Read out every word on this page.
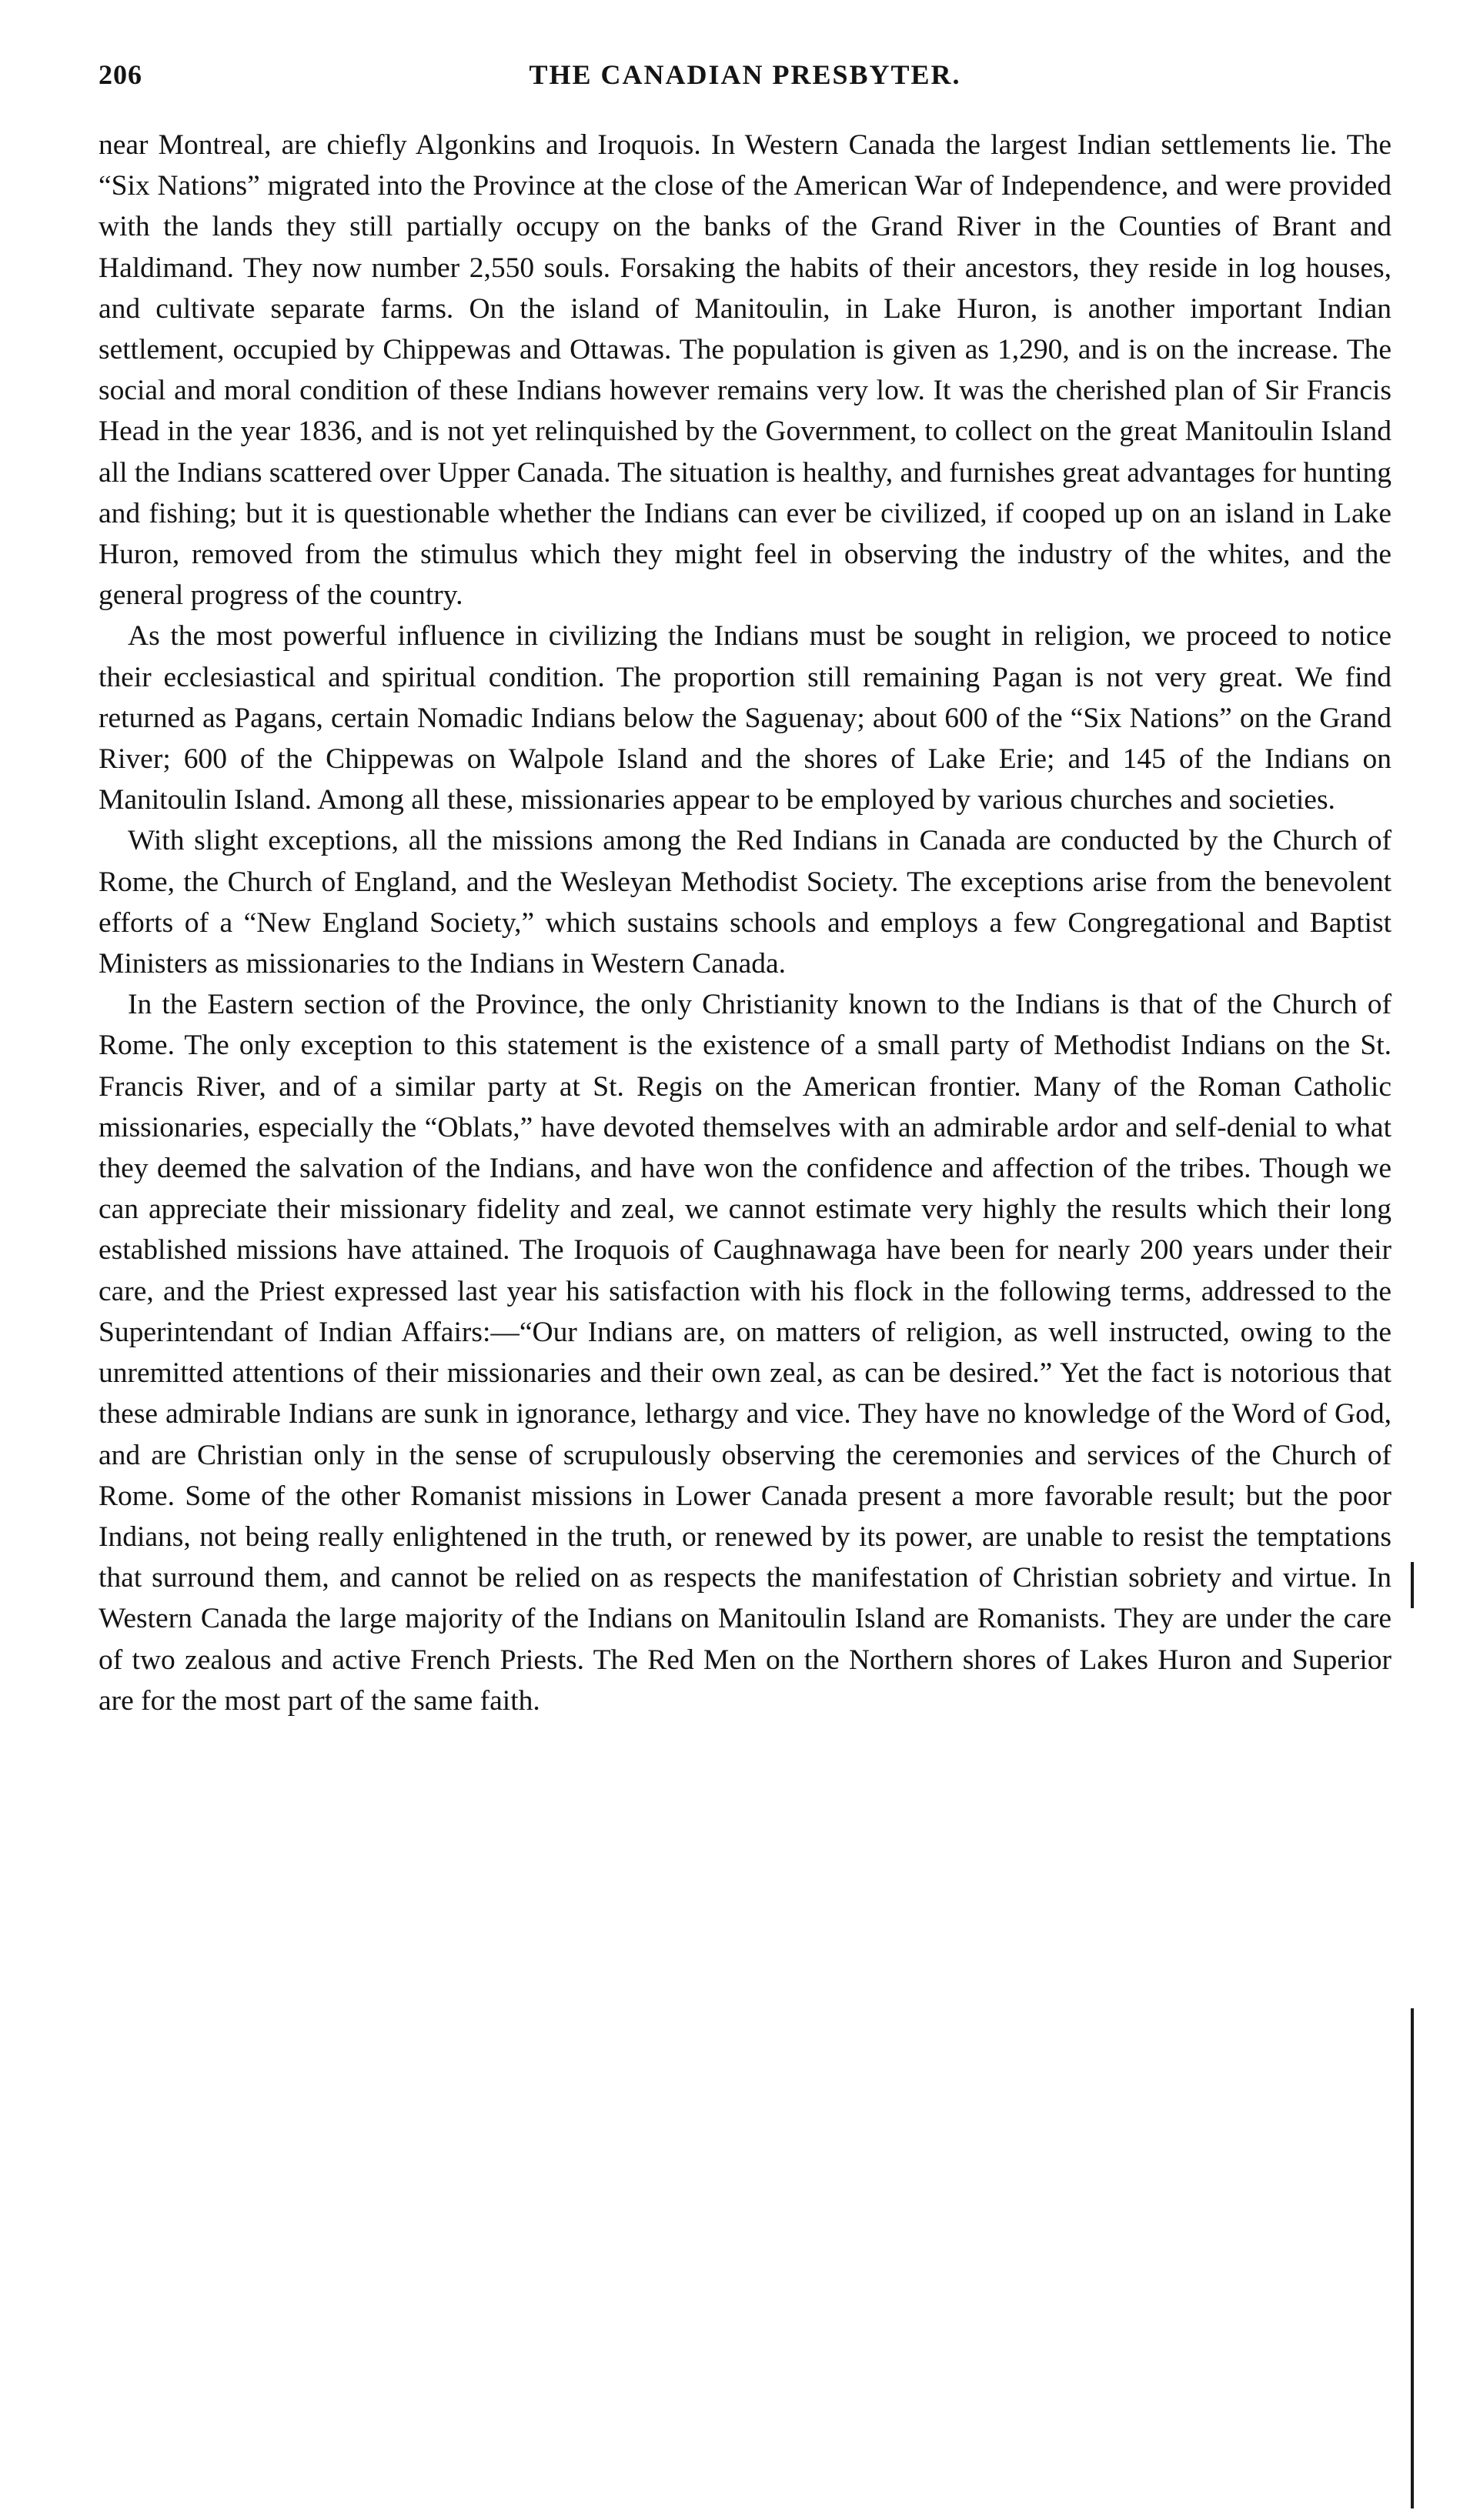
206	THE CANADIAN PRESBYTER.

near Montreal, are chiefly Algonkins and Iroquois. In Western Canada the largest Indian settlements lie. The “Six Nations” migrated into the Province at the close of the American War of Independence, and were provided with the lands they still partially occupy on the banks of the Grand River in the Counties of Brant and Haldimand. They now number 2,550 souls. Forsaking the habits of their ancestors, they reside in log houses, and cultivate separate farms. On the island of Manitoulin, in Lake Huron, is another important Indian settlement, occupied by Chippewas and Ottawas. The population is given as 1,290, and is on the increase. The social and moral condition of these Indians however remains very low. It was the cherished plan of Sir Francis Head in the year 1836, and is not yet relinquished by the Government, to collect on the great Manitoulin Island all the Indians scattered over Upper Canada. The situation is healthy, and furnishes great advantages for hunting and fishing; but it is questionable whether the Indians can ever be civilized, if cooped up on an island in Lake Huron, removed from the stimulus which they might feel in observing the industry of the whites, and the general progress of the country.

As the most powerful influence in civilizing the Indians must be sought in religion, we proceed to notice their ecclesiastical and spiritual condition. The proportion still remaining Pagan is not very great. We find returned as Pagans, certain Nomadic Indians below the Saguenay; about 600 of the “Six Nations” on the Grand River; 600 of the Chippewas on Walpole Island and the shores of Lake Erie; and 145 of the Indians on Manitoulin Island. Among all these, missionaries appear to be employed by various churches and societies.

With slight exceptions, all the missions among the Red Indians in Canada are conducted by the Church of Rome, the Church of England, and the Wesleyan Methodist Society. The exceptions arise from the benevolent efforts of a “New England Society,” which sustains schools and employs a few Congregational and Baptist Ministers as missionaries to the Indians in Western Canada.

In the Eastern section of the Province, the only Christianity known to the Indians is that of the Church of Rome. The only exception to this statement is the existence of a small party of Methodist Indians on the St. Francis River, and of a similar party at St. Regis on the American frontier. Many of the Roman Catholic missionaries, especially the “Oblats,” have devoted themselves with an admirable ardor and self-denial to what they deemed the salvation of the Indians, and have won the confidence and affection of the tribes. Though we can appreciate their missionary fidelity and zeal, we cannot estimate very highly the results which their long established missions have attained. The Iroquois of Caughnawaga have been for nearly 200 years under their care, and the Priest expressed last year his satisfaction with his flock in the following terms, addressed to the Superintendant of Indian Affairs:—“Our Indians are, on matters of religion, as well instructed, owing to the unremitted attentions of their missionaries and their own zeal, as can be desired.” Yet the fact is notorious that these admirable Indians are sunk in ignorance, lethargy and vice. They have no knowledge of the Word of God, and are Christian only in the sense of scrupulously observing the ceremonies and services of the Church of Rome. Some of the other Romanist missions in Lower Canada present a more favorable result; but the poor Indians, not being really enlightened in the truth, or renewed by its power, are unable to resist the temptations that surround them, and cannot be relied on as respects the manifestation of Christian sobriety and virtue. In Western Canada the large majority of the Indians on Manitoulin Island are Romanists. They are under the care of two zealous and active French Priests. The Red Men on the Northern shores of Lakes Huron and Superior are for the most part of the same faith.
